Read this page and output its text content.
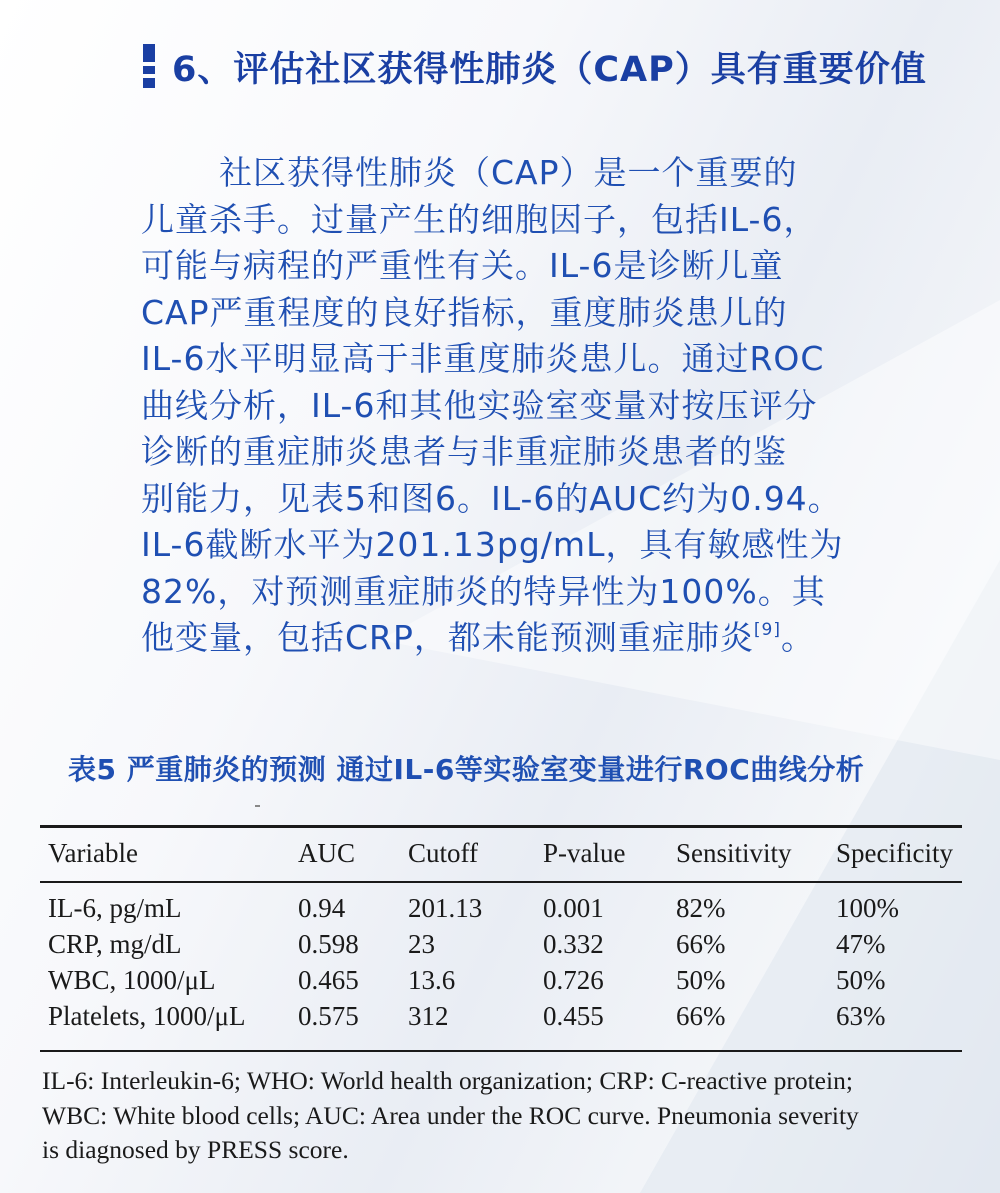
6、评估社区获得性肺炎（CAP）具有重要价值

社区获得性肺炎（CAP）是一个重要的
儿童杀手。过量产生的细胞因子，包括IL-6，
可能与病程的严重性有关。IL-6是诊断儿童
CAP严重程度的良好指标，重度肺炎患儿的
IL-6水平明显高于非重度肺炎患儿。通过ROC
曲线分析，IL-6和其他实验室变量对按压评分
诊断的重症肺炎患者与非重症肺炎患者的鉴
别能力，见表5和图6。IL-6的AUC约为0.94。
IL-6截断水平为201.13pg/mL，具有敏感性为
82%，对预测重症肺炎的特异性为100%。其
他变量，包括CRP，都未能预测重症肺炎[9]。

表5 严重肺炎的预测 通过IL-6等实验室变量进行ROC曲线分析
Variable	AUC Cutoff P-value Sensitivity Specificity
IL-6, pg/mL	0.94 201.13 0.001	82%	100%
CRP, mg/dL	0.598 23	0.332	66%	47%
WBC, 1000/μL	0.465 13.6	0.726	50%	50%
Platelets, 1000/μL 0.575 312	0.455	66%	63%

IL-6: Interleukin-6; WHO: World health organization; CRP: C-reactive protein;
WBC: White blood cells; AUC: Area under the ROC curve. Pneumonia severity
is diagnosed by PRESS score.
